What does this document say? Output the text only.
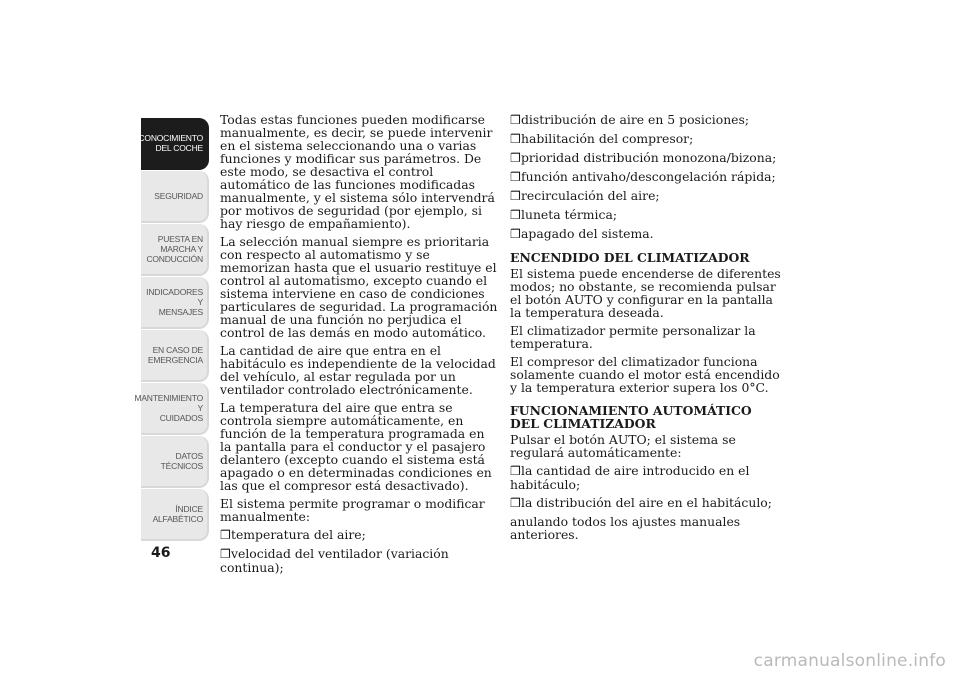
CONOCIMIENTO
DEL COCHE
SEGURIDAD
PUESTA EN
MARCHA Y
CONDUCCIÓN
INDICADORES Y
MENSAJES
EN CASO DE
EMERGENCIA
MANTENIMIENTO Y
CUIDADOS
DATOS TÉCNICOS
ÍNDICE
ALFABÉTICO
46

Todas estas funciones pueden modificarse manualmente, es decir, se puede intervenir en el sistema seleccionando una o varias funciones y modificar sus parámetros. De este modo, se desactiva el control automático de las funciones modificadas manualmente, y el sistema sólo intervendrá por motivos de seguridad (por ejemplo, si hay riesgo de empañamiento).

La selección manual siempre es prioritaria con respecto al automatismo y se memorizan hasta que el usuario restituye el control al automatismo, excepto cuando el sistema interviene en caso de condiciones particulares de seguridad. La programación manual de una función no perjudica el control de las demás en modo automático.

La cantidad de aire que entra en el habitáculo es independiente de la velocidad del vehículo, al estar regulada por un ventilador controlado electrónicamente.

La temperatura del aire que entra se controla siempre automáticamente, en función de la temperatura programada en la pantalla para el conductor y el pasajero delantero (excepto cuando el sistema está apagado o en determinadas condiciones en las que el compresor está desactivado).

El sistema permite programar o modificar manualmente:

❒temperatura del aire;
❒velocidad del ventilador (variación continua);
❒distribución de aire en 5 posiciones;
❒habilitación del compresor;
❒prioridad distribución monozona/bizona;
❒función antivaho/descongelación rápida;
❒recirculación del aire;
❒luneta térmica;
❒apagado del sistema.
ENCENDIDO DEL CLIMATIZADOR

El sistema puede encenderse de diferentes modos; no obstante, se recomienda pulsar el botón AUTO y configurar en la pantalla la temperatura deseada.

El climatizador permite personalizar la temperatura.

El compresor del climatizador funciona solamente cuando el motor está encendido y la temperatura exterior supera los 0°C.

FUNCIONAMIENTO AUTOMÁTICO DEL CLIMATIZADOR

Pulsar el botón AUTO; el sistema se regulará automáticamente:

❒la cantidad de aire introducido en el habitáculo;
❒la distribución del aire en el habitáculo;

anulando todos los ajustes manuales anteriores.

carmanualsonline.info
